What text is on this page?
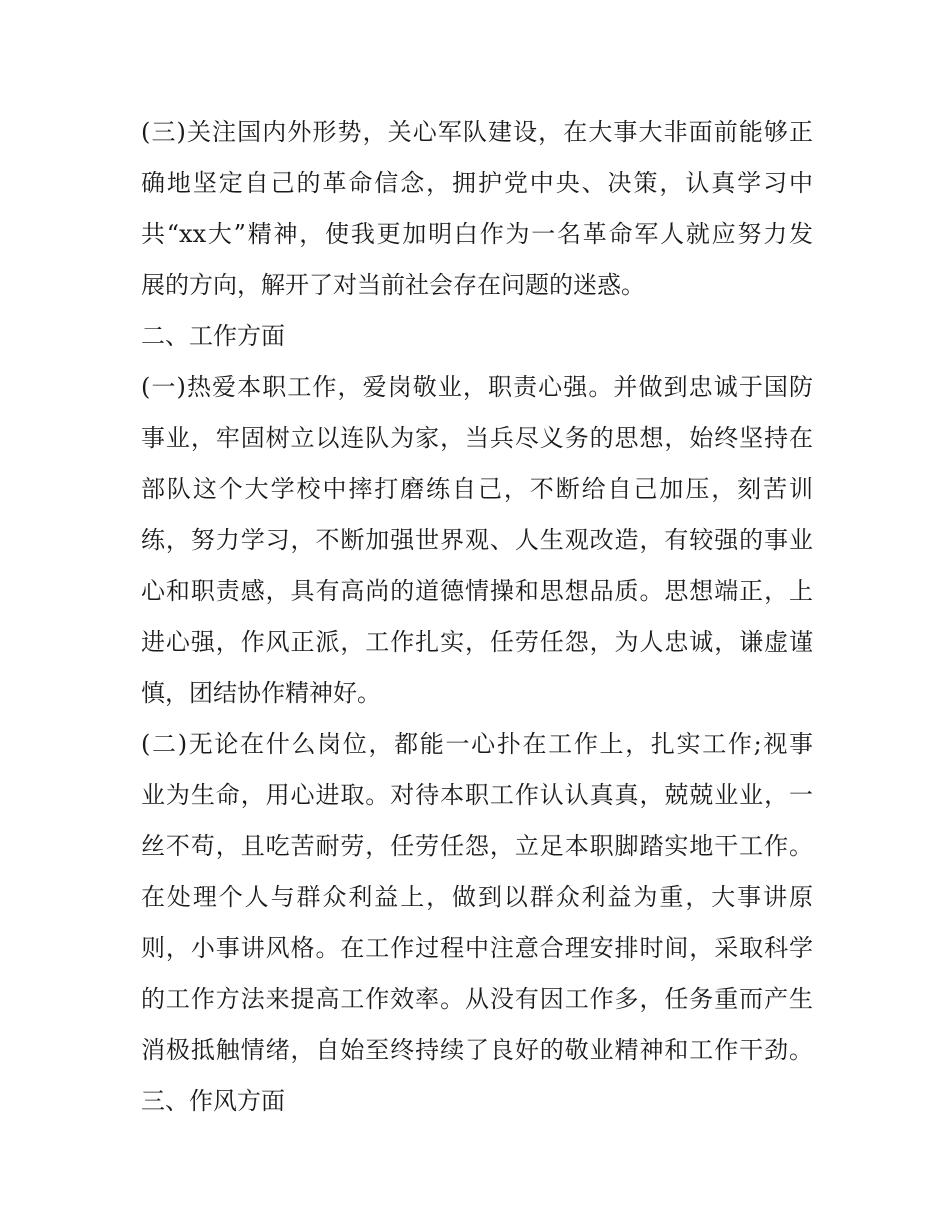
(三)关注国内外形势，关心军队建设，在大事大非面前能够正
确地坚定自己的革命信念，拥护党中央、决策，认真学习中
共“xx大”精神，使我更加明白作为一名革命军人就应努力发
展的方向，解开了对当前社会存在问题的迷惑。
二、工作方面
(一)热爱本职工作，爱岗敬业，职责心强。并做到忠诚于国防
事业，牢固树立以连队为家，当兵尽义务的思想，始终坚持在
部队这个大学校中摔打磨练自己，不断给自己加压，刻苦训
练，努力学习，不断加强世界观、人生观改造，有较强的事业
心和职责感，具有高尚的道德情操和思想品质。思想端正，上
进心强，作风正派，工作扎实，任劳任怨，为人忠诚，谦虚谨
慎，团结协作精神好。
(二)无论在什么岗位，都能一心扑在工作上，扎实工作;视事
业为生命，用心进取。对待本职工作认认真真，兢兢业业，一
丝不苟，且吃苦耐劳，任劳任怨，立足本职脚踏实地干工作。
在处理个人与群众利益上，做到以群众利益为重，大事讲原
则，小事讲风格。在工作过程中注意合理安排时间，采取科学
的工作方法来提高工作效率。从没有因工作多，任务重而产生
消极抵触情绪，自始至终持续了良好的敬业精神和工作干劲。
三、作风方面
